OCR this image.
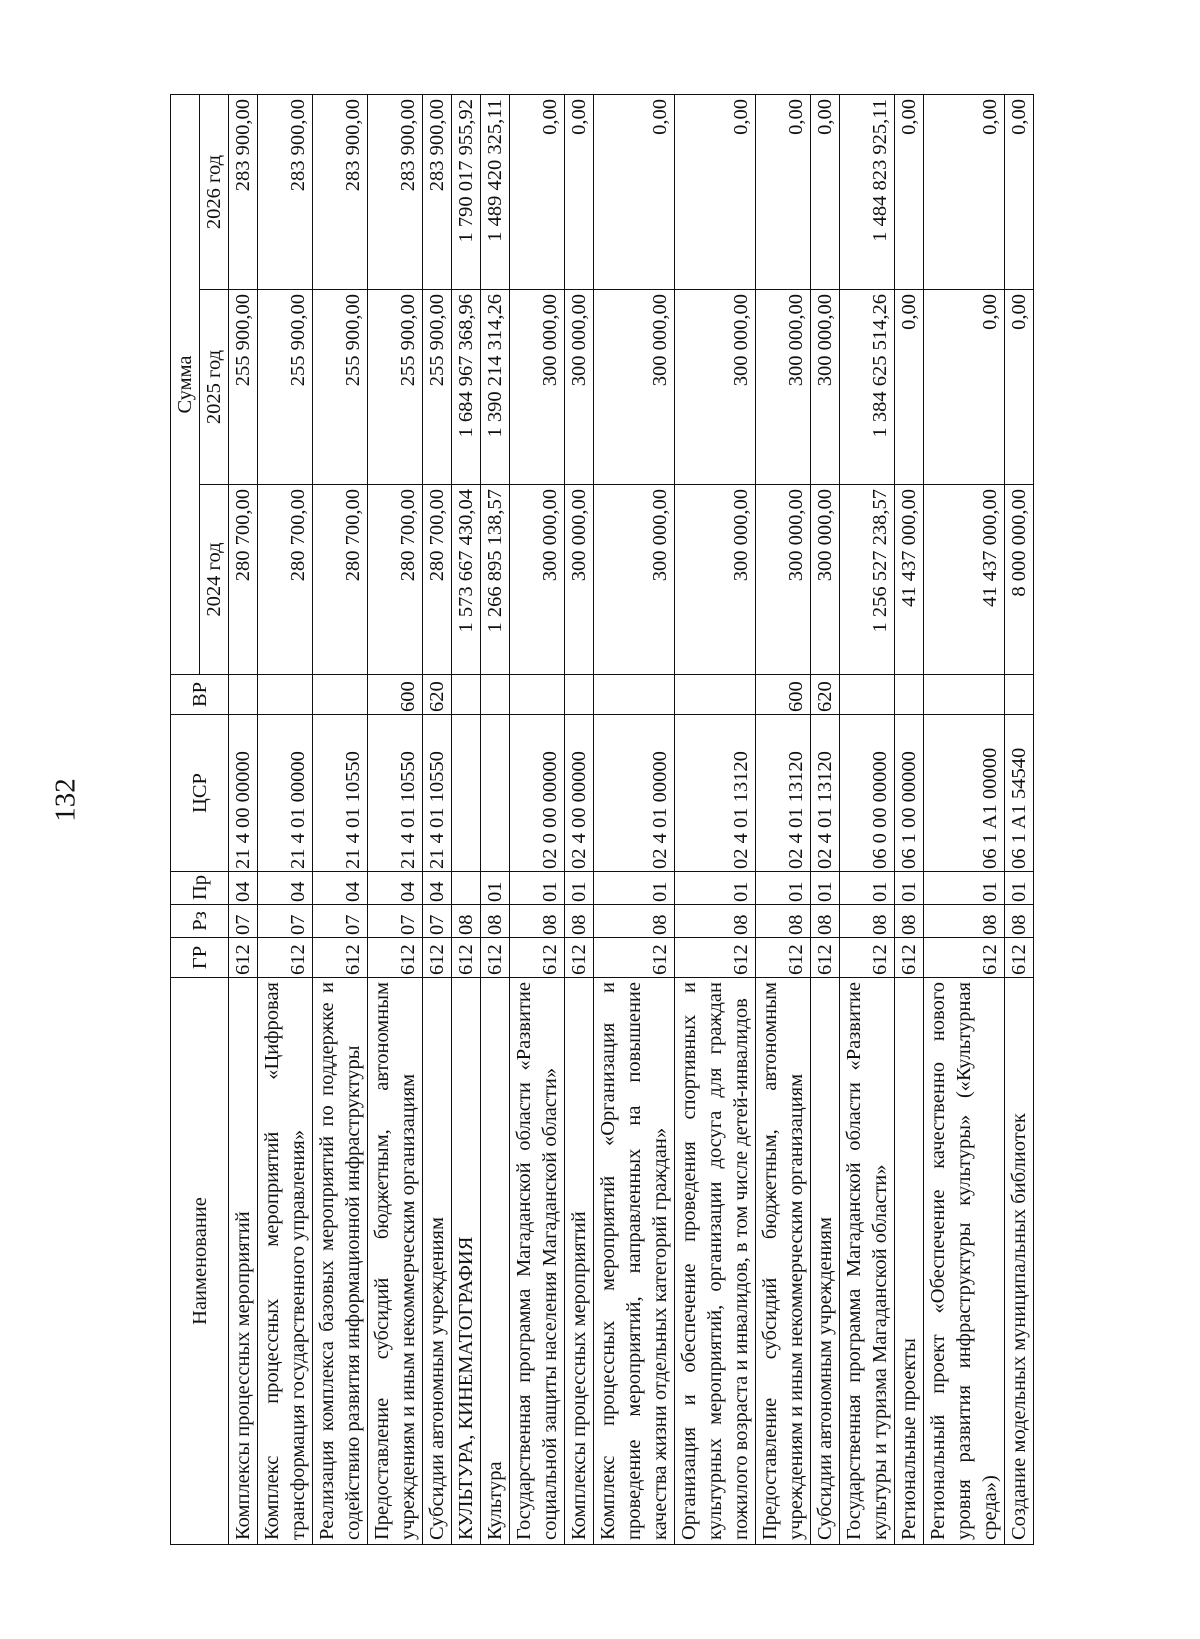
132
Наименование	ГР	Рз	Пр	ЦСР	ВР	Сумма		
						2024 год	2025 год	2026 год
Комплексы процессных мероприятий	612	07	04	21 4 00 00000		280 700,00	255 900,00	283 900,00
Комплекс процессных мероприятий «Цифровая трансформация государственного управления»	612	07	04	21 4 01 00000		280 700,00	255 900,00	283 900,00
Реализация комплекса базовых мероприятий по поддержке и содействию развития информационной инфраструктуры	612	07	04	21 4 01 10550		280 700,00	255 900,00	283 900,00
Предоставление субсидий бюджетным, автономным учреждениям и иным некоммерческим организациям	612	07	04	21 4 01 10550	600	280 700,00	255 900,00	283 900,00
Субсидии автономным учреждениям	612	07	04	21 4 01 10550	620	280 700,00	255 900,00	283 900,00
КУЛЬТУРА, КИНЕМАТОГРАФИЯ	612	08				1 573 667 430,04	1 684 967 368,96	1 790 017 955,92
Культура	612	08	01			1 266 895 138,57	1 390 214 314,26	1 489 420 325,11
Государственная программа Магаданской области «Развитие социальной защиты населения Магаданской области»	612	08	01	02 0 00 00000		300 000,00	300 000,00	0,00
Комплексы процессных мероприятий	612	08	01	02 4 00 00000		300 000,00	300 000,00	0,00
Комплекс процессных мероприятий «Организация и проведение мероприятий, направленных на повышение качества жизни отдельных категорий граждан»	612	08	01	02 4 01 00000		300 000,00	300 000,00	0,00
Организация и обеспечение проведения спортивных и культурных мероприятий, организации досуга для граждан пожилого возраста и инвалидов, в том числе детей-инвалидов	612	08	01	02 4 01 13120		300 000,00	300 000,00	0,00
Предоставление субсидий бюджетным, автономным учреждениям и иным некоммерческим организациям	612	08	01	02 4 01 13120	600	300 000,00	300 000,00	0,00
Субсидии автономным учреждениям	612	08	01	02 4 01 13120	620	300 000,00	300 000,00	0,00
Государственная программа Магаданской области «Развитие культуры и туризма Магаданской области»	612	08	01	06 0 00 00000		1 256 527 238,57	1 384 625 514,26	1 484 823 925,11
Региональные проекты	612	08	01	06 1 00 00000		41 437 000,00	0,00	0,00
Региональный проект «Обеспечение качественно нового уровня развития инфраструктуры культуры» («Культурная среда»)	612	08	01	06 1 A1 00000		41 437 000,00	0,00	0,00
Создание модельных муниципальных библиотек	612	08	01	06 1 A1 54540		8 000 000,00	0,00	0,00
